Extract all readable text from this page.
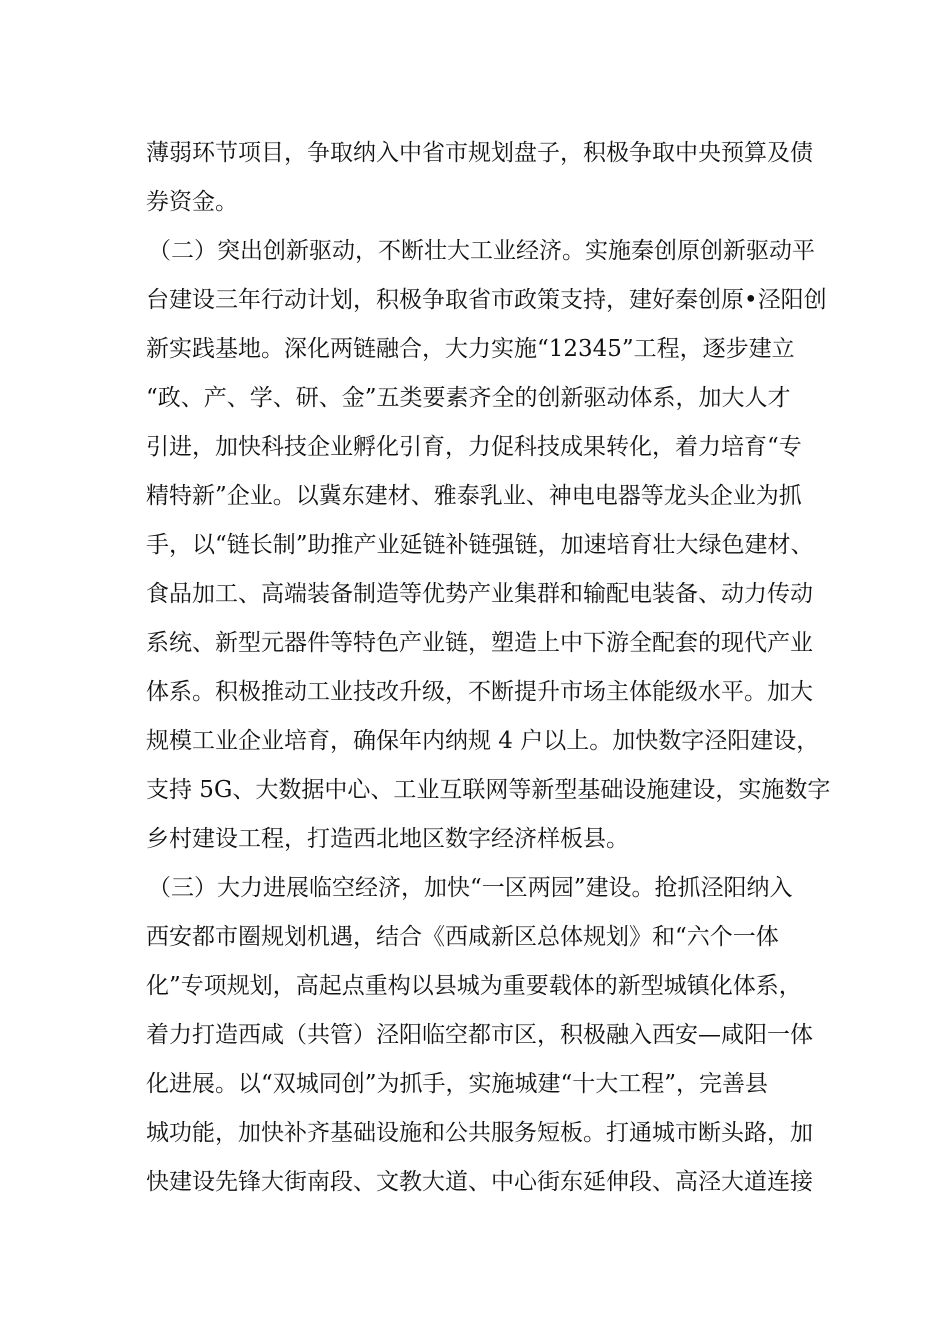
薄弱环节项目，争取纳入中省市规划盘子，积极争取中央预算及债
券资金。
（二）突出创新驱动，不断壮大工业经济。实施秦创原创新驱动平
台建设三年行动计划，积极争取省市政策支持，建好秦创原•泾阳创
新实践基地。深化两链融合，大力实施“12345”工程，逐步建立
“政、产、学、研、金”五类要素齐全的创新驱动体系，加大人才
引进，加快科技企业孵化引育，力促科技成果转化，着力培育“专
精特新”企业。以冀东建材、雅泰乳业、神电电器等龙头企业为抓
手，以“链长制”助推产业延链补链强链，加速培育壮大绿色建材、
食品加工、高端装备制造等优势产业集群和输配电装备、动力传动
系统、新型元器件等特色产业链，塑造上中下游全配套的现代产业
体系。积极推动工业技改升级，不断提升市场主体能级水平。加大
规模工业企业培育，确保年内纳规 4 户以上。加快数字泾阳建设，
支持 5G、大数据中心、工业互联网等新型基础设施建设，实施数字
乡村建设工程，打造西北地区数字经济样板县。
（三）大力进展临空经济，加快“一区两园”建设。抢抓泾阳纳入
西安都市圈规划机遇，结合《西咸新区总体规划》和“六个一体
化”专项规划，高起点重构以县城为重要载体的新型城镇化体系，
着力打造西咸（共管）泾阳临空都市区，积极融入西安—咸阳一体
化进展。以“双城同创”为抓手，实施城建“十大工程”，完善县
城功能，加快补齐基础设施和公共服务短板。打通城市断头路，加
快建设先锋大街南段、文教大道、中心街东延伸段、高泾大道连接
